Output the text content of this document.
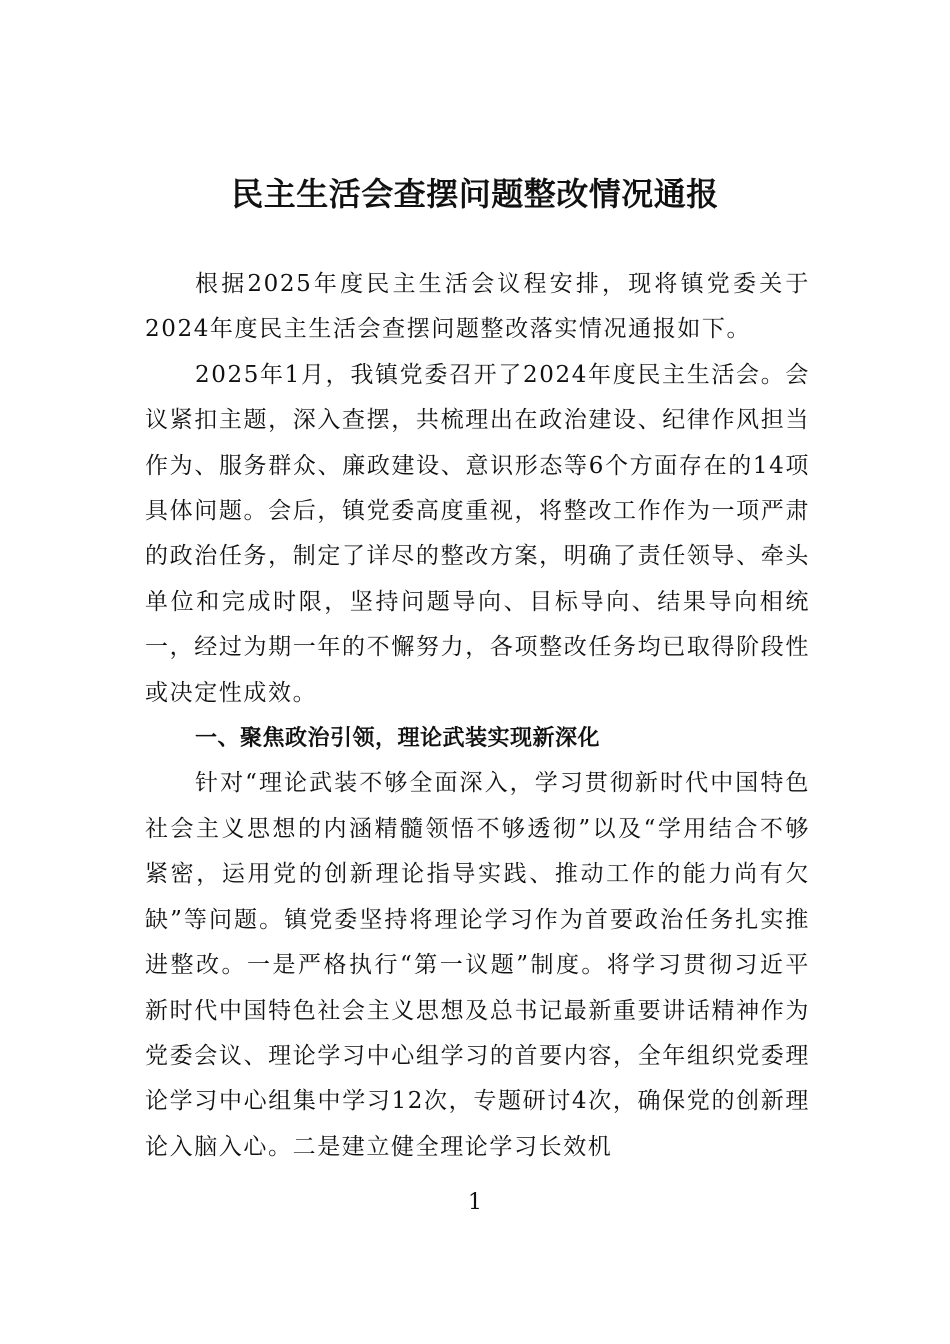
民主生活会查摆问题整改情况通报

根据2025年度民主生活会议程安排，现将镇党委关于2024年度民主生活会查摆问题整改落实情况通报如下。

2025年1月，我镇党委召开了2024年度民主生活会。会议紧扣主题，深入查摆，共梳理出在政治建设、纪律作风担当作为、服务群众、廉政建设、意识形态等6个方面存在的14项具体问题。会后，镇党委高度重视，将整改工作作为一项严肃的政治任务，制定了详尽的整改方案，明确了责任领导、牵头单位和完成时限，坚持问题导向、目标导向、结果导向相统一，经过为期一年的不懈努力，各项整改任务均已取得阶段性或决定性成效。

一、聚焦政治引领，理论武装实现新深化

针对“理论武装不够全面深入，学习贯彻新时代中国特色社会主义思想的内涵精髓领悟不够透彻”以及“学用结合不够紧密，运用党的创新理论指导实践、推动工作的能力尚有欠缺”等问题。镇党委坚持将理论学习作为首要政治任务扎实推进整改。一是严格执行“第一议题”制度。将学习贯彻习近平新时代中国特色社会主义思想及总书记最新重要讲话精神作为党委会议、理论学习中心组学习的首要内容，全年组织党委理论学习中心组集中学习12次，专题研讨4次，确保党的创新理论入脑入心。二是建立健全理论学习长效机

1
